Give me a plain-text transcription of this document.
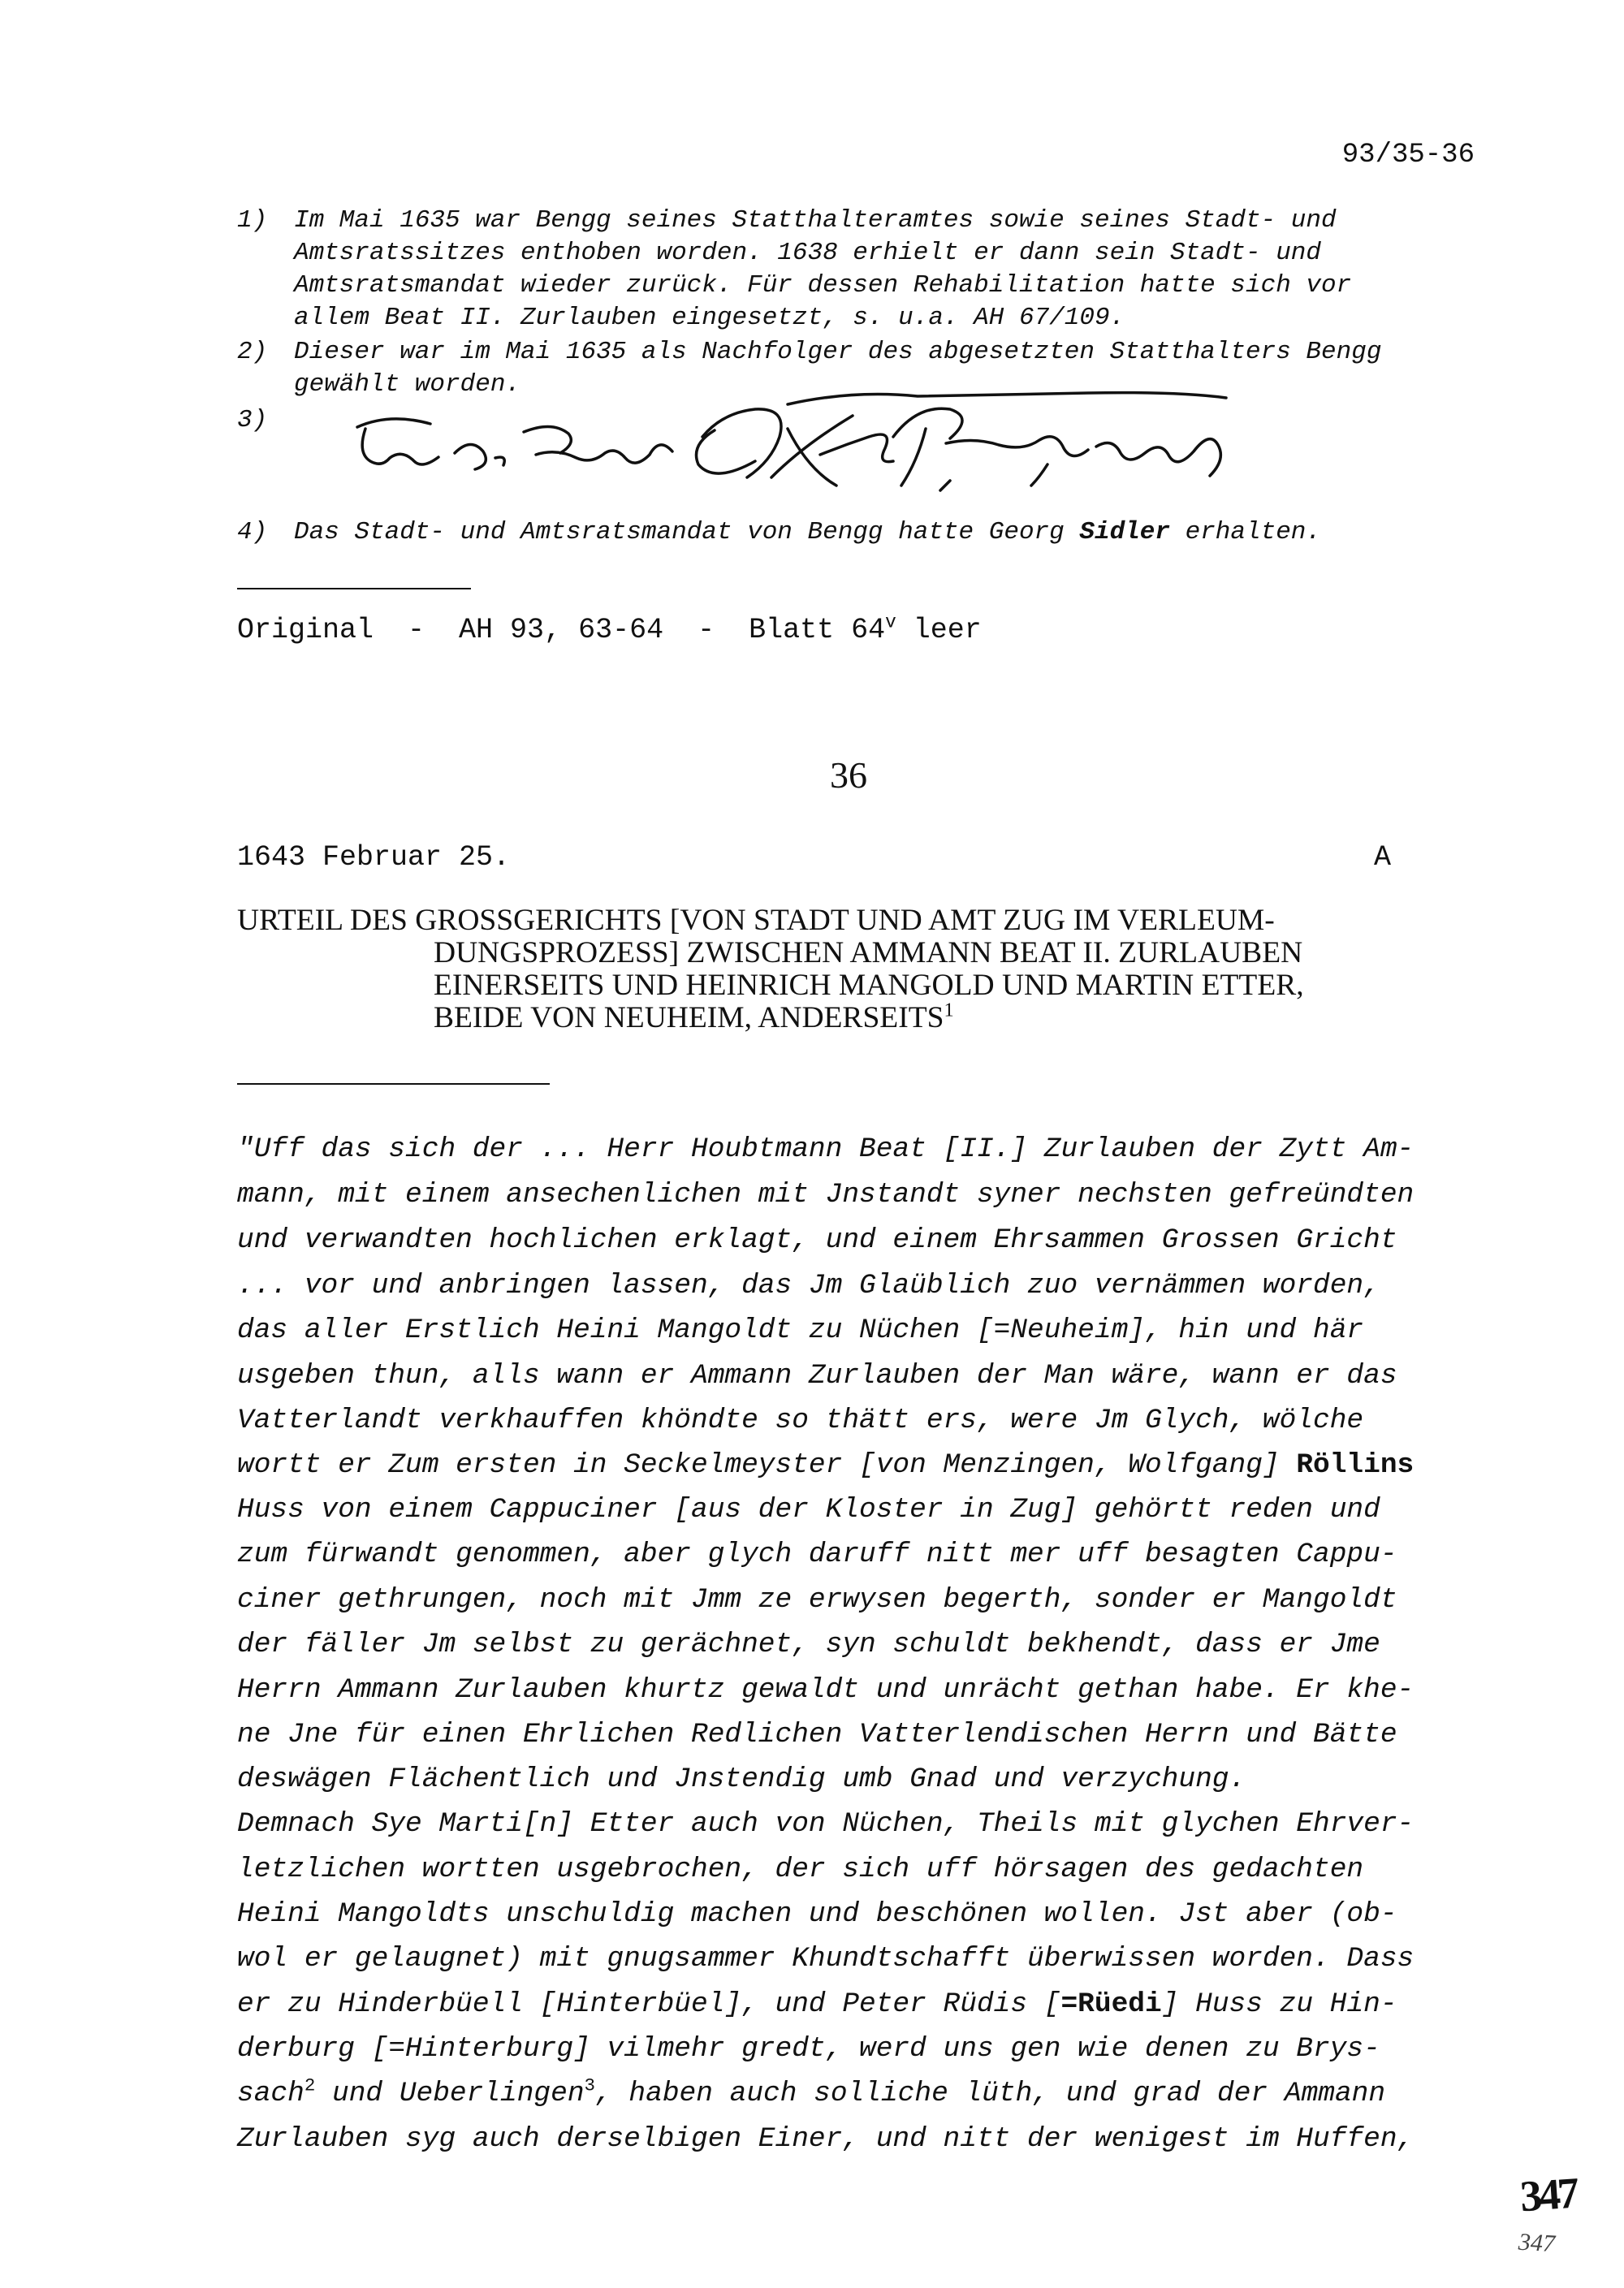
93/35-36
1) Im Mai 1635 war Bengg seines Statthalteramtes sowie seines Stadt- und
Amtsratssitzes enthoben worden. 1638 erhielt er dann sein Stadt- und
Amtsratsmandat wieder zurück. Für dessen Rehabilitation hatte sich vor
allem Beat II. Zurlauben eingesetzt, s. u.a. AH 67/109.
2) Dieser war im Mai 1635 als Nachfolger des abgesetzten Statthalters Bengg
gewählt worden.
3)
4) Das Stadt- und Amtsratsmandat von Bengg hatte Georg Sidler erhalten.
Original  -  AH 93, 63-64  -  Blatt 64$^v$ leer
36
1643 Februar 25.	A
URTEIL DES GROSSGERICHTS [VON STADT UND AMT ZUG IM VERLEUM-
DUNGSPROZESS] ZWISCHEN AMMANN BEAT II. ZURLAUBEN
EINERSEITS UND HEINRICH MANGOLD UND MARTIN ETTER,
BEIDE VON NEUHEIM, ANDERSEITS$^1$
"Uff das sich der ... Herr Houbtmann Beat [II.] Zurlauben der Zytt Am-
mann, mit einem ansechenlichen mit Jnstandt syner nechsten gefreündten
und verwandten hochlichen erklagt, und einem Ehrsammen Grossen Gricht
... vor und anbringen lassen, das Jm Glaüblich zuo vernämmen worden,
das aller Erstlich Heini Mangoldt zu Nüchen [=Neuheim], hin und här
usgeben thun, alls wann er Ammann Zurlauben der Man wäre, wann er das
Vatterlandt verkhauffen khöndte so thätt ers, were Jm Glych, wölche
wortt er Zum ersten in Seckelmeyster [von Menzingen, Wolfgang] Röllins
Huss von einem Cappuciner [aus der Kloster in Zug] gehörtt reden und
zum fürwandt genommen, aber glych daruff nitt mer uff besagten Cappu-
ciner gethrungen, noch mit Jmm ze erwysen begerth, sonder er Mangoldt
der fäller Jm selbst zu gerächnet, syn schuldt bekhendt, dass er Jme
Herrn Ammann Zurlauben khurtz gewaldt und unrächt gethan habe. Er khe-
ne Jne für einen Ehrlichen Redlichen Vatterlendischen Herrn und Bätte
deswägen Flächentlich und Jnstendig umb Gnad und verzychung.
Demnach Sye Marti[n] Etter auch von Nüchen, Theils mit glychen Ehrver-
letzlichen wortten usgebrochen, der sich uff hörsagen des gedachten
Heini Mangoldts unschuldig machen und beschönen wollen. Jst aber (ob-
wol er gelaugnet) mit gnugsammer Khundtschafft überwissen worden. Dass
er zu Hinderbüell [Hinterbüel], und Peter Rüdis [=Rüedi] Huss zu Hin-
derburg [=Hinterburg] vilmehr gredt, werd uns gen wie denen zu Brys-
sach$^2$ und Ueberlingen$^3$, haben auch solliche lüth, und grad der Ammann
Zurlauben syg auch derselbigen Einer, und nitt der wenigest im Huffen,
347
347
